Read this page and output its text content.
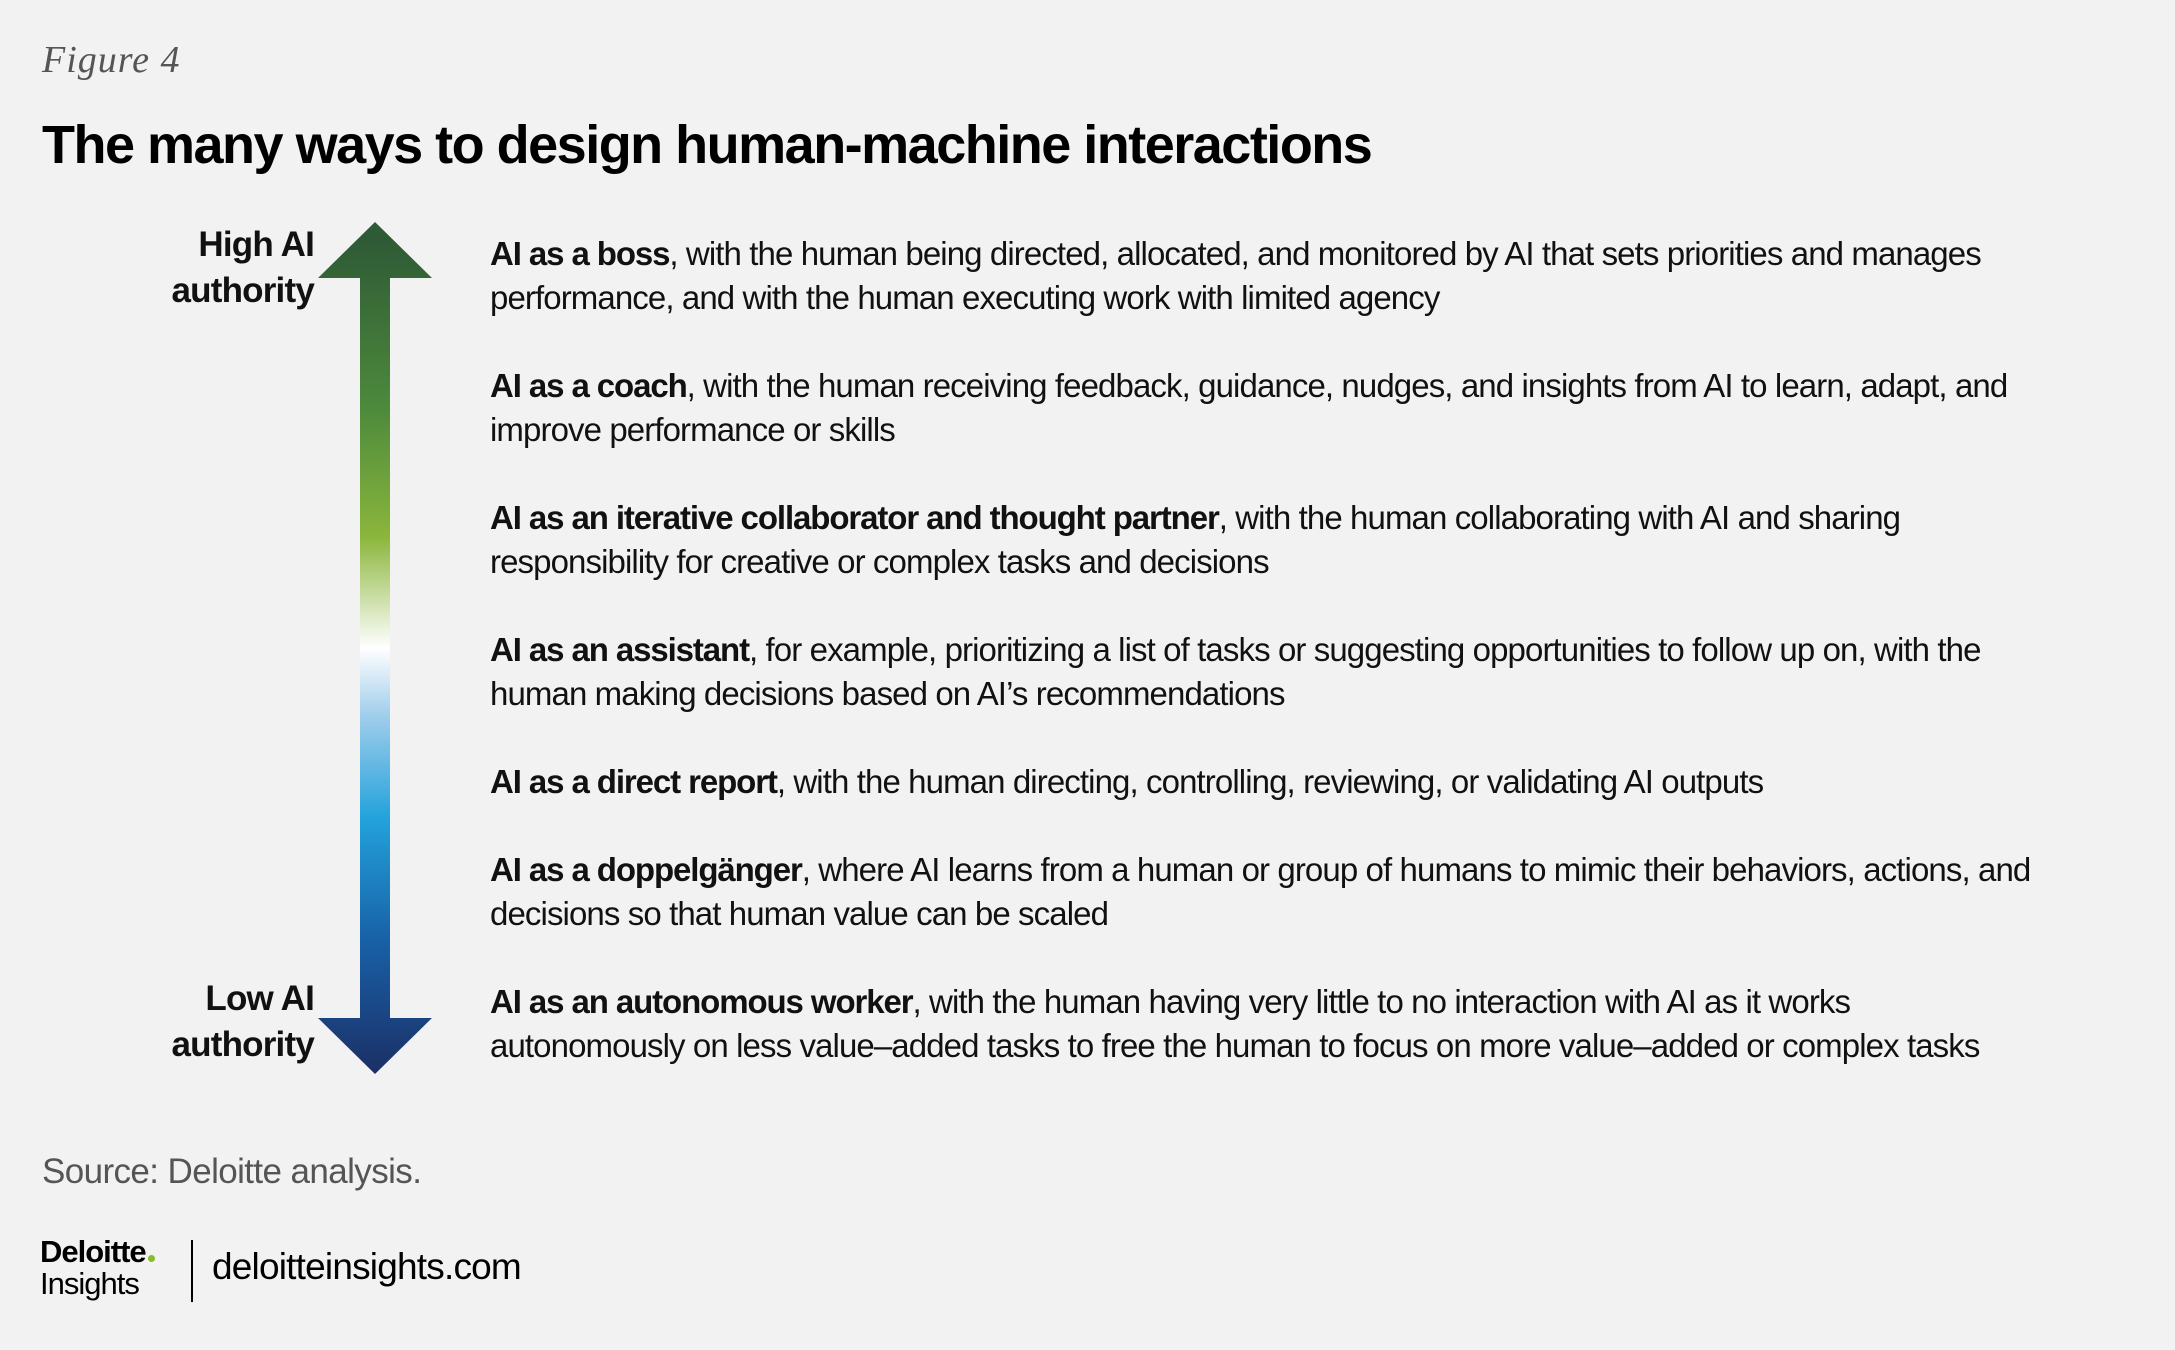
Figure 4
The many ways to design human-machine interactions
High AI
authority
Low AI
authority
AI as a boss, with the human being directed, allocated, and monitored by AI that sets priorities and manages performance, and with the human executing work with limited agency
AI as a coach, with the human receiving feedback, guidance, nudges, and insights from AI to learn, adapt, and improve performance or skills
AI as an iterative collaborator and thought partner, with the human collaborating with AI and sharing responsibility for creative or complex tasks and decisions
AI as an assistant, for example, prioritizing a list of tasks or suggesting opportunities to follow up on, with the human making decisions based on AI’s recommendations
AI as a direct report, with the human directing, controlling, reviewing, or validating AI outputs
AI as a doppelgänger, where AI learns from a human or group of humans to mimic their behaviors, actions, and decisions so that human value can be scaled
AI as an autonomous worker, with the human having very little to no interaction with AI as it works autonomously on less value–added tasks to free the human to focus on more value–added or complex tasks
Source: Deloitte analysis.
Deloitte
Insights deloitteinsights.com
